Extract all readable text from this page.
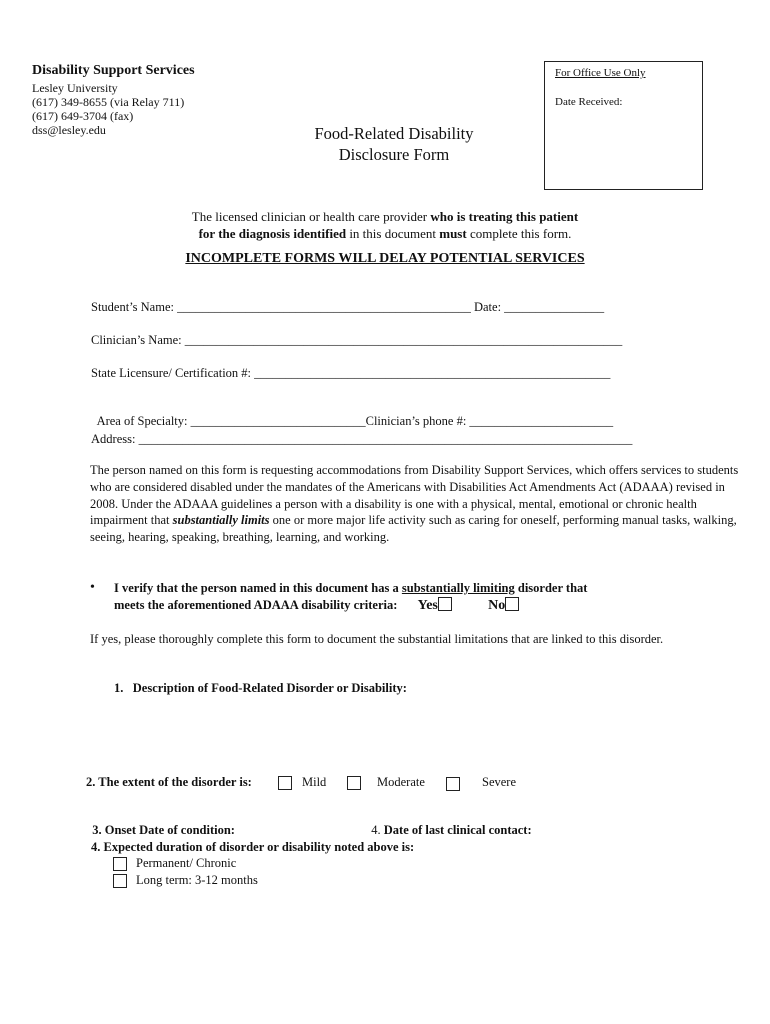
Disability Support Services
Lesley University
(617) 349-8655 (via Relay 711)
(617) 649-3704 (fax)
dss@lesley.edu
For Office Use Only
Date Received:
Food-Related Disability
Disclosure Form
The licensed clinician or health care provider who is treating this patient
for the diagnosis identified in this document must complete this form.
INCOMPLETE FORMS WILL DELAY POTENTIAL SERVICES
Student’s Name: _______________________________________________ Date: ________________
Clinician’s Name: ______________________________________________________________________
State Licensure/ Certification #: _________________________________________________________

Area of Specialty: ____________________________Clinician’s phone #: _______________________

Address: _______________________________________________________________________________
The person named on this form is requesting accommodations from Disability Support Services, which offers services to students who are considered disabled under the mandates of the Americans with Disabilities Act Amendments Act (ADAAA) revised in 2008. Under the ADAAA guidelines a person with a disability is one with a physical, mental, emotional or chronic health impairment that substantially limits one or more major life activity such as caring for oneself, performing manual tasks, walking, seeing, hearing, speaking, breathing, learning, and working.
• I verify that the person named in this document has a substantially limiting disorder that
meets the aforementioned ADAAA disability criteria: Yes	No
If yes, please thoroughly complete this form to document the substantial limitations that are linked to this disorder.
1.   Description of Food-Related Disorder or Disability:
2. The extent of the disorder is:	Mild	Moderate	Severe

3. Onset Date of condition:	4. Date of last clinical contact:

4. Expected duration of disorder or disability noted above is:
Permanent/ Chronic
Long term: 3-12 months
